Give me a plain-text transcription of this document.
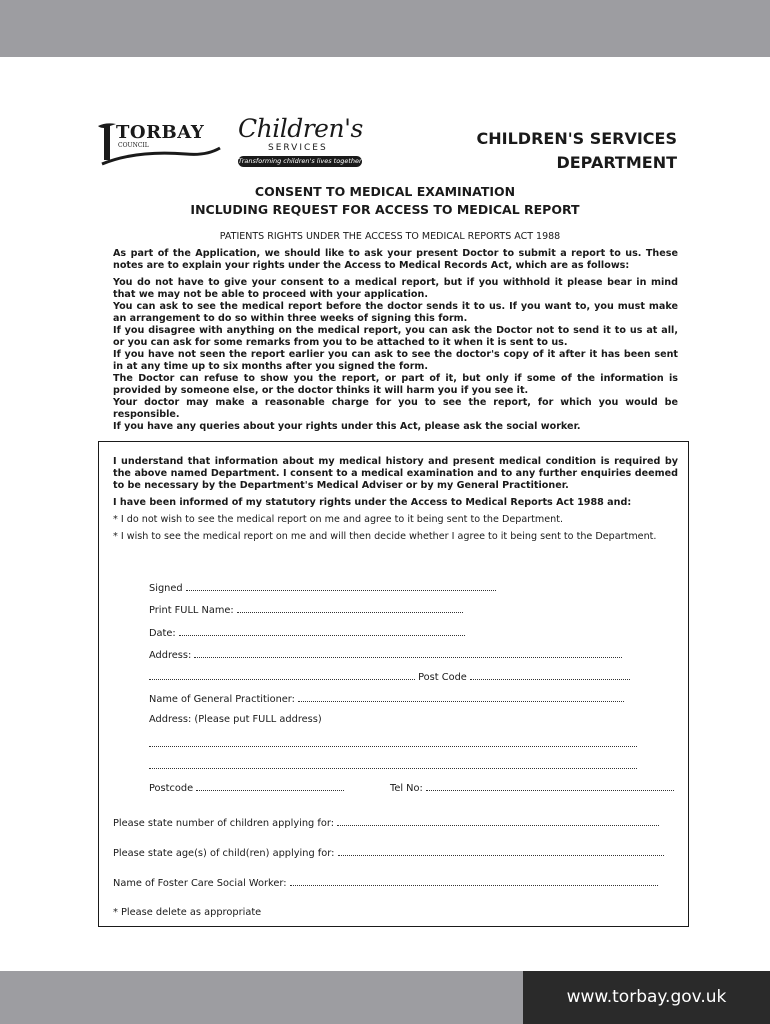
TORBAY
COUNCIL
Children's
SERVICES
Transforming children's lives together
CHILDREN'S SERVICES
DEPARTMENT
CONSENT TO MEDICAL EXAMINATION
INCLUDING REQUEST FOR ACCESS TO MEDICAL REPORT
PATIENTS RIGHTS UNDER THE ACCESS TO MEDICAL REPORTS ACT 1988

As part of the Application, we should like to ask your present Doctor to submit a report to us. These notes are to explain your rights under the Access to Medical Records Act, which are as follows:

You do not have to give your consent to a medical report, but if you withhold it please bear in mind that we may not be able to proceed with your application.

You can ask to see the medical report before the doctor sends it to us. If you want to, you must make an arrangement to do so within three weeks of signing this form.

If you disagree with anything on the medical report, you can ask the Doctor not to send it to us at all, or you can ask for some remarks from you to be attached to it when it is sent to us.

If you have not seen the report earlier you can ask to see the doctor's copy of it after it has been sent in at any time up to six months after you signed the form.

The Doctor can refuse to show you the report, or part of it, but only if some of the information is provided by someone else, or the doctor thinks it will harm you if you see it.

Your doctor may make a reasonable charge for you to see the report, for which you would be responsible.

If you have any queries about your rights under this Act, please ask the social worker.

I understand that information about my medical history and present medical condition is required by the above named Department. I consent to a medical examination and to any further enquiries deemed to be necessary by the Department's Medical Adviser or by my General Practitioner.

I have been informed of my statutory rights under the Access to Medical Reports Act 1988 and:

* I do not wish to see the medical report on me and agree to it being sent to the Department.

* I wish to see the medical report on me and will then decide whether I agree to it being sent to the Department.

Signed
Print FULL Name:
Date:
Address:
Post Code
Name of General Practitioner:
Address: (Please put FULL address)
Postcode	Tel No:
Please state number of children applying for:
Please state age(s) of child(ren) applying for:
Name of Foster Care Social Worker:
* Please delete as appropriate
www.torbay.gov.uk
